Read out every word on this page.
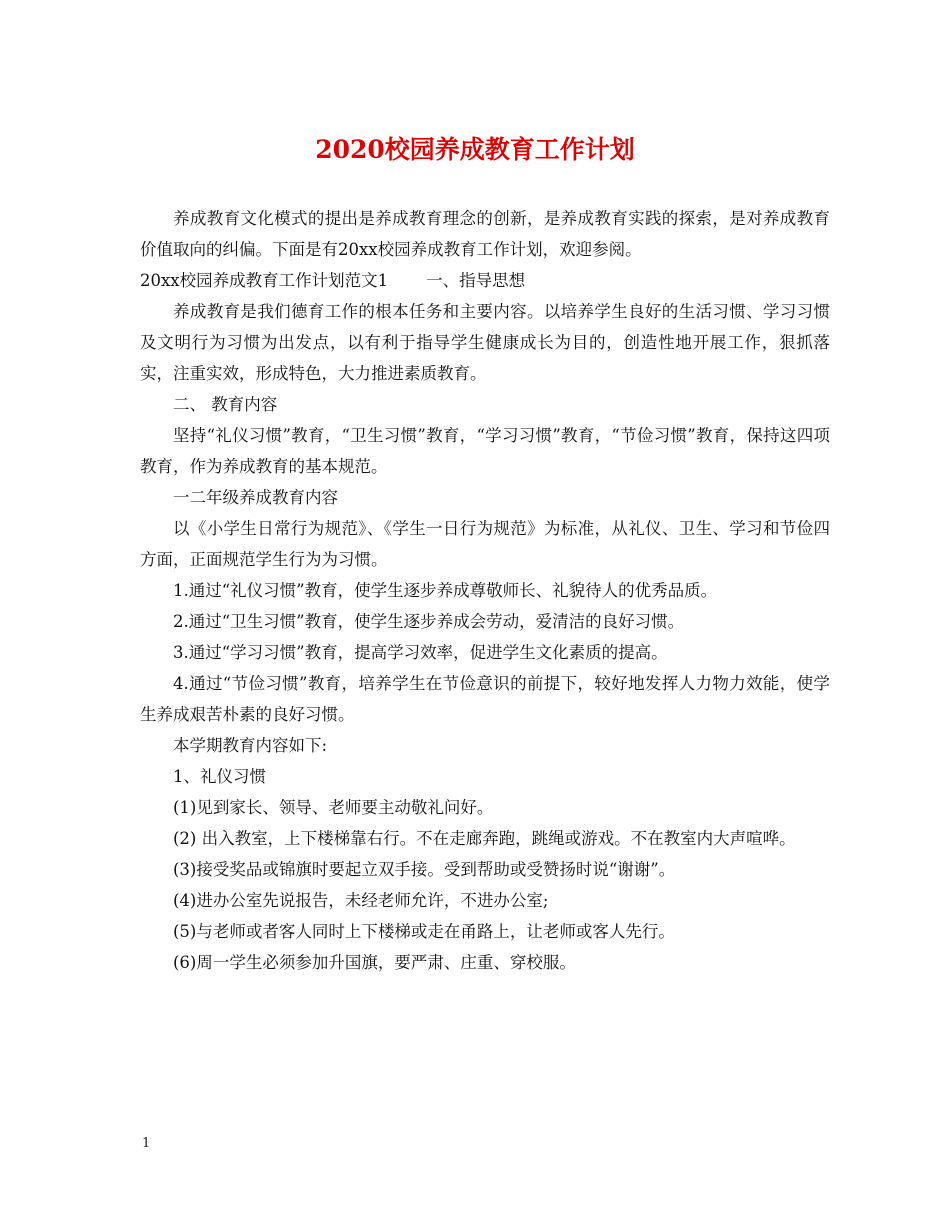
2020校园养成教育工作计划

养成教育文化模式的提出是养成教育理念的创新，是养成教育实践的探索，是对养成教育价值取向的纠偏。下面是有20xx校园养成教育工作计划，欢迎参阅。

20xx校园养成教育工作计划范文1 一、指导思想

养成教育是我们德育工作的根本任务和主要内容。以培养学生良好的生活习惯、学习习惯及文明行为习惯为出发点，以有利于指导学生健康成长为目的，创造性地开展工作，狠抓落实，注重实效，形成特色，大力推进素质教育。

二、 教育内容

坚持“礼仪习惯”教育，“卫生习惯”教育，“学习习惯”教育，“节俭习惯”教育，保持这四项教育，作为养成教育的基本规范。

一二年级养成教育内容

以《小学生日常行为规范》、《学生一日行为规范》为标准，从礼仪、卫生、学习和节俭四方面，正面规范学生行为为习惯。

1.通过“礼仪习惯”教育，使学生逐步养成尊敬师长、礼貌待人的优秀品质。

2.通过“卫生习惯”教育，使学生逐步养成会劳动，爱清洁的良好习惯。

3.通过“学习习惯”教育，提高学习效率，促进学生文化素质的提高。

4.通过“节俭习惯”教育，培养学生在节俭意识的前提下，较好地发挥人力物力效能，使学生养成艰苦朴素的良好习惯。

本学期教育内容如下:

1、礼仪习惯

(1)见到家长、领导、老师要主动敬礼问好。

(2) 出入教室，上下楼梯靠右行。不在走廊奔跑，跳绳或游戏。不在教室内大声喧哗。

(3)接受奖品或锦旗时要起立双手接。受到帮助或受赞扬时说“谢谢”。

(4)进办公室先说报告，未经老师允许，不进办公室;

(5)与老师或者客人同时上下楼梯或走在甬路上，让老师或客人先行。

(6)周一学生必须参加升国旗，要严肃、庄重、穿校服。

1
